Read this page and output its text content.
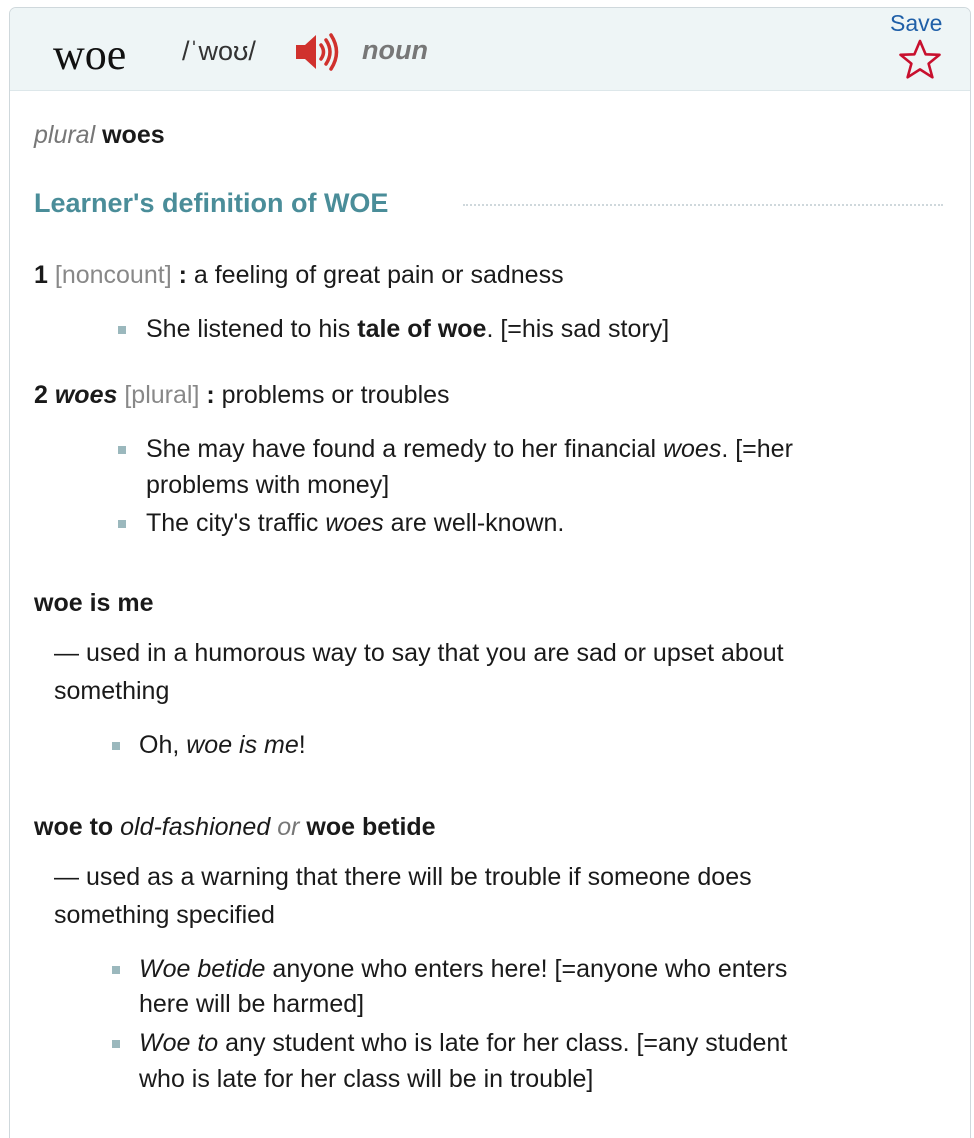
woe /ˈwoʊ/	noun
Save
plural woes
Learner's definition of WOE
1 [noncount] : a feeling of great pain or sadness
She listened to his tale of woe. [=his sad story]
2 woes [plural] : problems or troubles
She may have found a remedy to her financial woes. [=her
problems with money]
The city's traffic woes are well-known.
woe is me
— used in a humorous way to say that you are sad or upset about
something
Oh, woe is me!
woe to old-fashioned or woe betide
— used as a warning that there will be trouble if someone does
something specified
Woe betide anyone who enters here! [=anyone who enters
here will be harmed]
Woe to any student who is late for her class. [=any student
who is late for her class will be in trouble]
